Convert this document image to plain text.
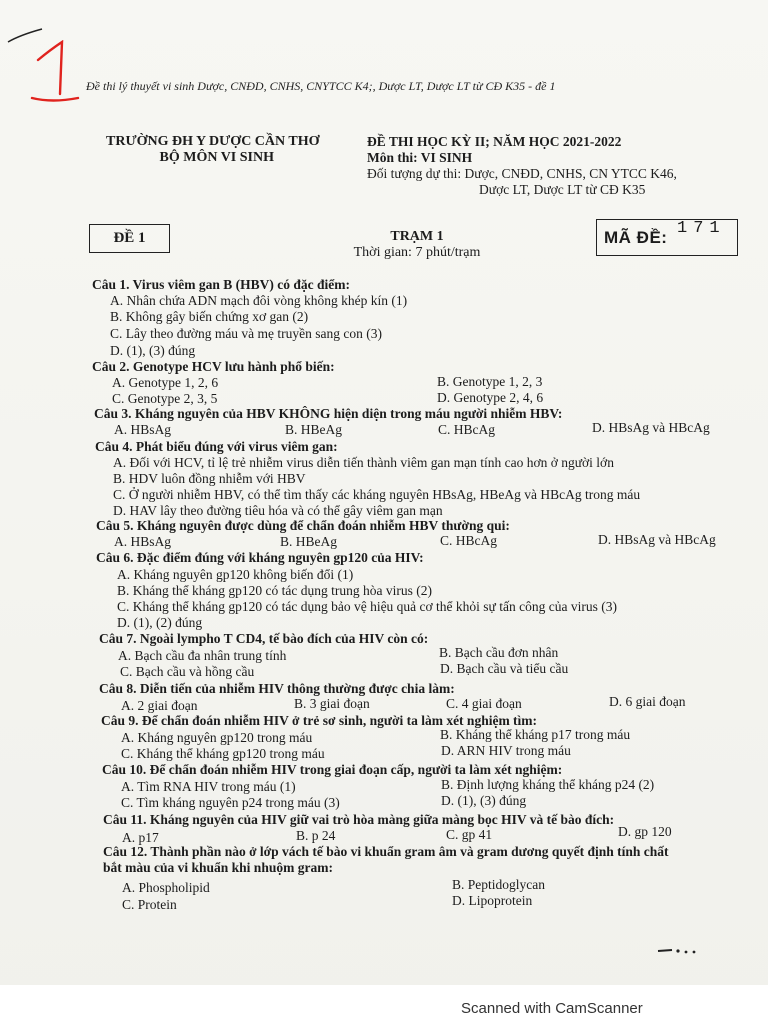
Đề thi lý thuyết vi sinh Dược, CNĐD, CNHS, CNYTCC K4;, Dược LT, Dược LT từ CĐ K35 - đề 1
TRƯỜNG ĐH Y DƯỢC CẦN THƠ
BỘ MÔN VI SINH
ĐỀ THI HỌC KỲ II; NĂM HỌC 2021-2022
Môn thi: VI SINH
Đối tượng dự thi: Dược, CNĐD, CNHS, CN YTCC K46,
Dược LT, Dược LT từ CĐ K35
ĐỀ 1	TRẠM 1
Thời gian: 7 phút/trạm
MÃ ĐỀ: 171
Câu 1. Virus viêm gan B (HBV) có đặc điểm:
A. Nhân chứa ADN mạch đôi vòng không khép kín (1)
B. Không gây biến chứng xơ gan (2)
C. Lây theo đường máu và mẹ truyền sang con (3)
D. (1), (3) đúng
Câu 2. Genotype HCV lưu hành phổ biến:
A. Genotype 1, 2, 6	B. Genotype 1, 2, 3
C. Genotype 2, 3, 5	D. Genotype 2, 4, 6
Câu 3. Kháng nguyên của HBV KHÔNG hiện diện trong máu người nhiễm HBV:
A. HBsAg	B. HBeAg	C. HBcAg	D. HBsAg và HBcAg
Câu 4. Phát biểu đúng với virus viêm gan:
A. Đối với HCV, tỉ lệ trẻ nhiễm virus diễn tiến thành viêm gan mạn tính cao hơn ở người lớn
B. HDV luôn đồng nhiễm với HBV
C. Ở người nhiễm HBV, có thể tìm thấy các kháng nguyên HBsAg, HBeAg và HBcAg trong máu
D. HAV lây theo đường tiêu hóa và có thể gây viêm gan mạn
Câu 5. Kháng nguyên được dùng để chẩn đoán nhiễm HBV thường qui:
A. HBsAg	B. HBeAg	C. HBcAg	D. HBsAg và HBcAg
Câu 6. Đặc điểm đúng với kháng nguyên gp120 của HIV:
A. Kháng nguyên gp120 không biến đổi (1)
B. Kháng thể kháng gp120 có tác dụng trung hòa virus (2)
C. Kháng thể kháng gp120 có tác dụng bảo vệ hiệu quả cơ thể khỏi sự tấn công của virus (3)
D. (1), (2) đúng
Câu 7. Ngoài lympho T CD4, tế bào đích của HIV còn có:
A. Bạch cầu đa nhân trung tính	B. Bạch cầu đơn nhân
C. Bạch cầu và hồng cầu	D. Bạch cầu và tiểu cầu
Câu 8. Diễn tiến của nhiễm HIV thông thường được chia làm:
A. 2 giai đoạn	B. 3 giai đoạn	C. 4 giai đoạn	D. 6 giai đoạn
Câu 9. Để chẩn đoán nhiễm HIV ở trẻ sơ sinh, người ta làm xét nghiệm tìm:
A. Kháng nguyên gp120 trong máu	B. Kháng thể kháng p17 trong máu
C. Kháng thể kháng gp120 trong máu	D. ARN HIV trong máu
Câu 10. Để chẩn đoán nhiễm HIV trong giai đoạn cấp, người ta làm xét nghiệm:
A. Tìm RNA HIV trong máu (1)	B. Định lượng kháng thể kháng p24 (2)
C. Tìm kháng nguyên p24 trong máu (3)	D. (1), (3) đúng
Câu 11. Kháng nguyên của HIV giữ vai trò hòa màng giữa màng bọc HIV và tế bào đích:
A. p17	B. p 24	C. gp 41	D. gp 120
Câu 12. Thành phần nào ở lớp vách tế bào vi khuẩn gram âm và gram dương quyết định tính chất
bắt màu của vi khuẩn khi nhuộm gram:
A. Phospholipid	B. Peptidoglycan
C. Protein	D. Lipoprotein
Scanned with CamScanner
